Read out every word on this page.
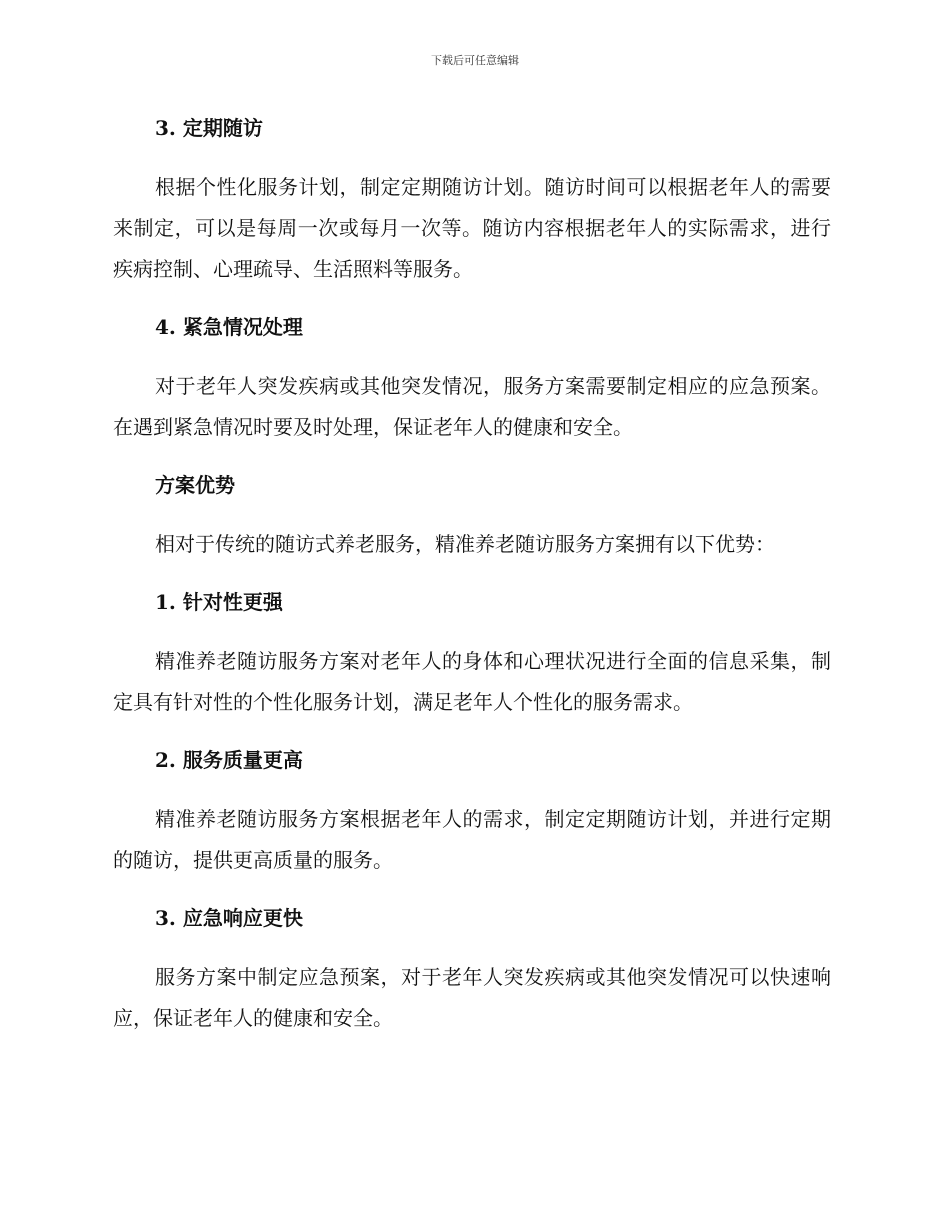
下载后可任意编辑
3. 定期随访

根据个性化服务计划，制定定期随访计划。随访时间可以根据老年人的需要来制定，可以是每周一次或每月一次等。随访内容根据老年人的实际需求，进行疾病控制、心理疏导、生活照料等服务。

4. 紧急情况处理

对于老年人突发疾病或其他突发情况，服务方案需要制定相应的应急预案。在遇到紧急情况时要及时处理，保证老年人的健康和安全。

方案优势

相对于传统的随访式养老服务，精准养老随访服务方案拥有以下优势：

1. 针对性更强

精准养老随访服务方案对老年人的身体和心理状况进行全面的信息采集，制定具有针对性的个性化服务计划，满足老年人个性化的服务需求。

2. 服务质量更高

精准养老随访服务方案根据老年人的需求，制定定期随访计划，并进行定期的随访，提供更高质量的服务。

3. 应急响应更快

服务方案中制定应急预案，对于老年人突发疾病或其他突发情况可以快速响应，保证老年人的健康和安全。
